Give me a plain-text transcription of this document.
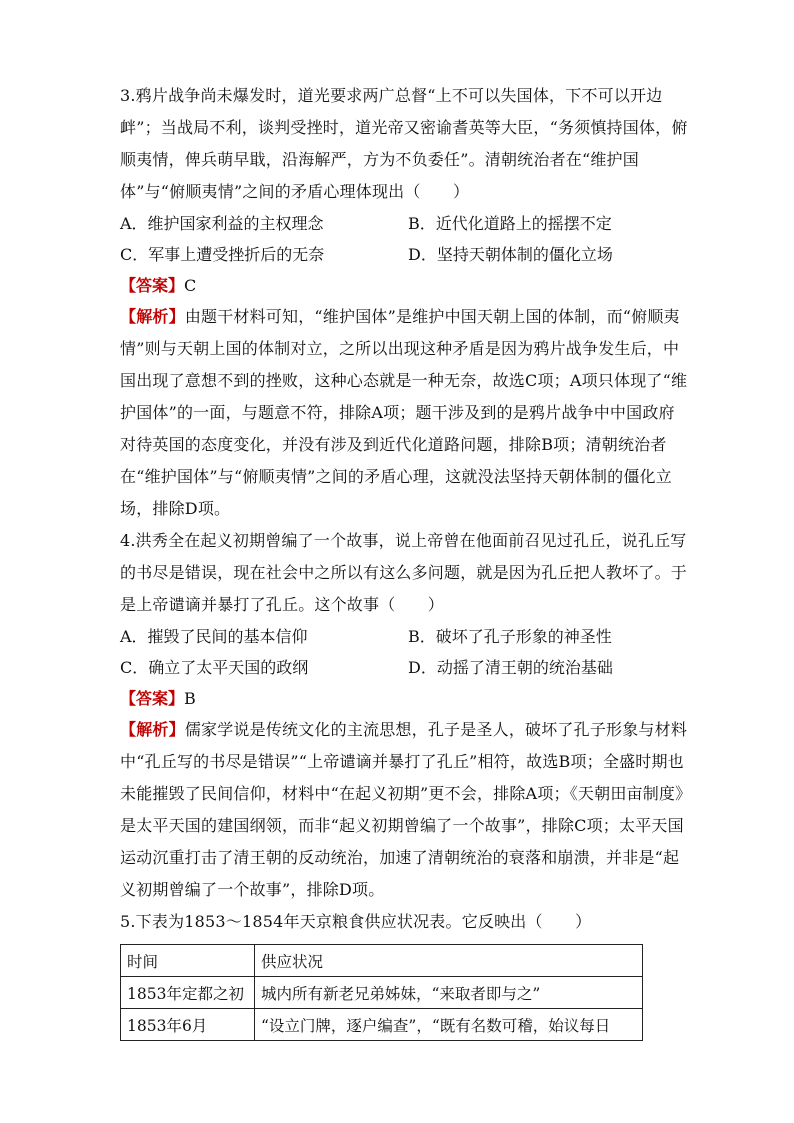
3.鸦片战争尚未爆发时，道光要求两广总督“上不可以失国体，下不可以开边衅”；当战局不利，谈判受挫时，道光帝又密谕耆英等大臣，“务须慎持国体，俯顺夷情，俾兵萌早戢，沿海解严，方为不负委任”。清朝统治者在“维护国体”与“俯顺夷情”之间的矛盾心理体现出（　　）

A．维护国家利益的主权理念	B．近代化道路上的摇摆不定
C．军事上遭受挫折后的无奈	D．坚持天朝体制的僵化立场
【答案】C

【解析】由题干材料可知，“维护国体”是维护中国天朝上国的体制，而“俯顺夷情”则与天朝上国的体制对立，之所以出现这种矛盾是因为鸦片战争发生后，中国出现了意想不到的挫败，这种心态就是一种无奈，故选C项；A项只体现了“维护国体”的一面，与题意不符，排除A项；题干涉及到的是鸦片战争中中国政府对待英国的态度变化，并没有涉及到近代化道路问题，排除B项；清朝统治者在“维护国体”与“俯顺夷情”之间的矛盾心理，这就没法坚持天朝体制的僵化立场，排除D项。

4.洪秀全在起义初期曾编了一个故事，说上帝曾在他面前召见过孔丘，说孔丘写的书尽是错误，现在社会中之所以有这么多问题，就是因为孔丘把人教坏了。于是上帝谴谪并暴打了孔丘。这个故事（　　）

A．摧毁了民间的基本信仰	B．破坏了孔子形象的神圣性
C．确立了太平天国的政纲	D．动摇了清王朝的统治基础
【答案】B

【解析】儒家学说是传统文化的主流思想，孔子是圣人，破坏了孔子形象与材料中“孔丘写的书尽是错误”“上帝谴谪并暴打了孔丘”相符，故选B项；全盛时期也未能摧毁了民间信仰，材料中“在起义初期”更不会，排除A项；《天朝田亩制度》是太平天国的建国纲领，而非“起义初期曾编了一个故事”，排除C项；太平天国运动沉重打击了清王朝的反动统治，加速了清朝统治的衰落和崩溃，并非是“起义初期曾编了一个故事”，排除D项。

5.下表为1853～1854年天京粮食供应状况表。它反映出（　　）

时间	供应状况
1853年定都之初	城内所有新老兄弟姊妹，“来取者即与之”
1853年6月	“设立门牌，逐户编查”，“既有名数可稽，始议每日
